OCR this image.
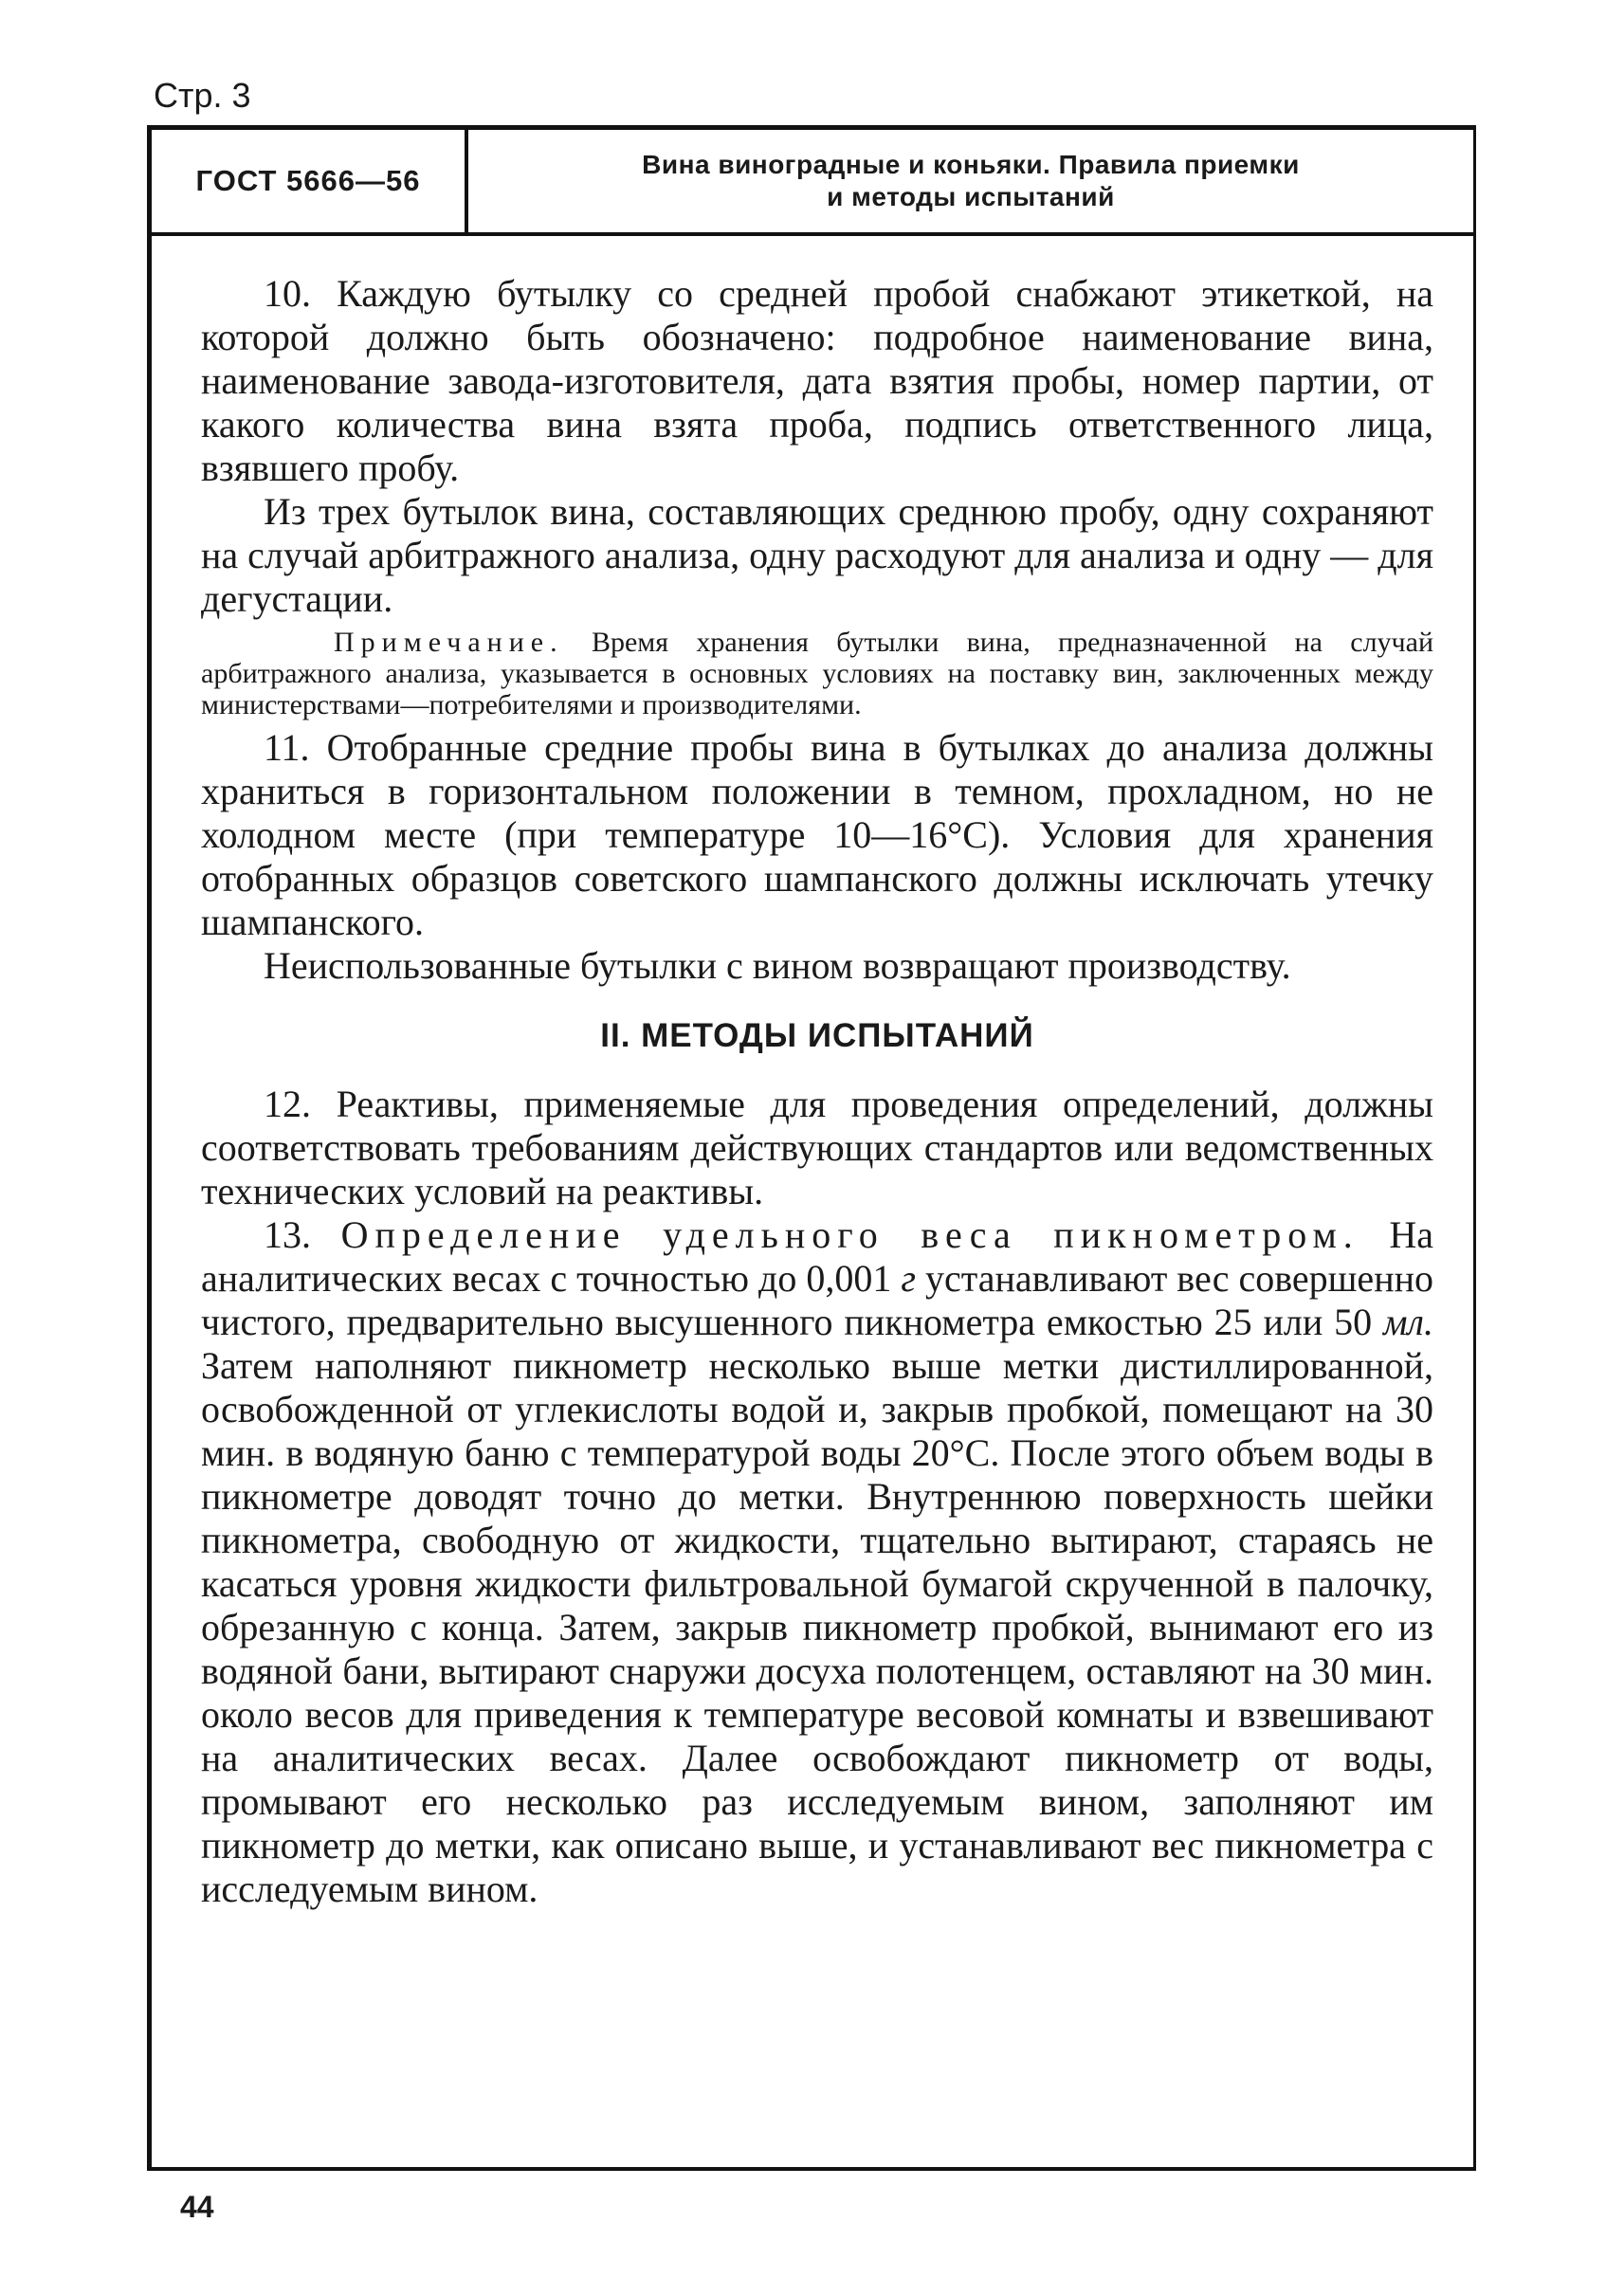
Стр. 3
ГОСТ 5666—56	Вина виноградные и коньяки. Правила приемки
и методы испытаний

10. Каждую бутылку со средней пробой снабжают этикеткой, на которой должно быть обозначено: подробное наименование вина, наименование завода-изготовителя, дата взятия пробы, номер партии, от какого количества вина взята проба, подпись ответственного лица, взявшего пробу.

Из трех бутылок вина, составляющих среднюю пробу, одну сохраняют на случай арбитражного анализа, одну расходуют для анализа и одну — для дегустации.

Примечание. Время хранения бутылки вина, предназначенной на случай арбитражного анализа, указывается в основных условиях на поставку вин, заключенных между министерствами—потребителями и производителями.

11. Отобранные средние пробы вина в бутылках до анализа должны храниться в горизонтальном положении в темном, прохладном, но не холодном месте (при температуре 10—16°С). Условия для хранения отобранных образцов советского шампанского должны исключать утечку шампанского.

Неиспользованные бутылки с вином возвращают производству.

II. МЕТОДЫ ИСПЫТАНИЙ

12. Реактивы, применяемые для проведения определений, должны соответствовать требованиям действующих стандартов или ведомственных технических условий на реактивы.

13. Определение удельного веса пикнометром. На аналитических весах с точностью до 0,001 г устанавливают вес совершенно чистого, предварительно высушенного пикнометра емкостью 25 или 50 мл. Затем наполняют пикнометр несколько выше метки дистиллированной, освобожденной от углекислоты водой и, закрыв пробкой, помещают на 30 мин. в водяную баню с температурой воды 20°С. После этого объем воды в пикнометре доводят точно до метки. Внутреннюю поверхность шейки пикнометра, свободную от жидкости, тщательно вытирают, стараясь не касаться уровня жидкости фильтровальной бумагой скрученной в палочку, обрезанную с конца. Затем, закрыв пикнометр пробкой, вынимают его из водяной бани, вытирают снаружи досуха полотенцем, оставляют на 30 мин. около весов для приведения к температуре весовой комнаты и взвешивают на аналитических весах. Далее освобождают пикнометр от воды, промывают его несколько раз исследуемым вином, заполняют им пикнометр до метки, как описано выше, и устанавливают вес пикнометра с исследуемым вином.

44
